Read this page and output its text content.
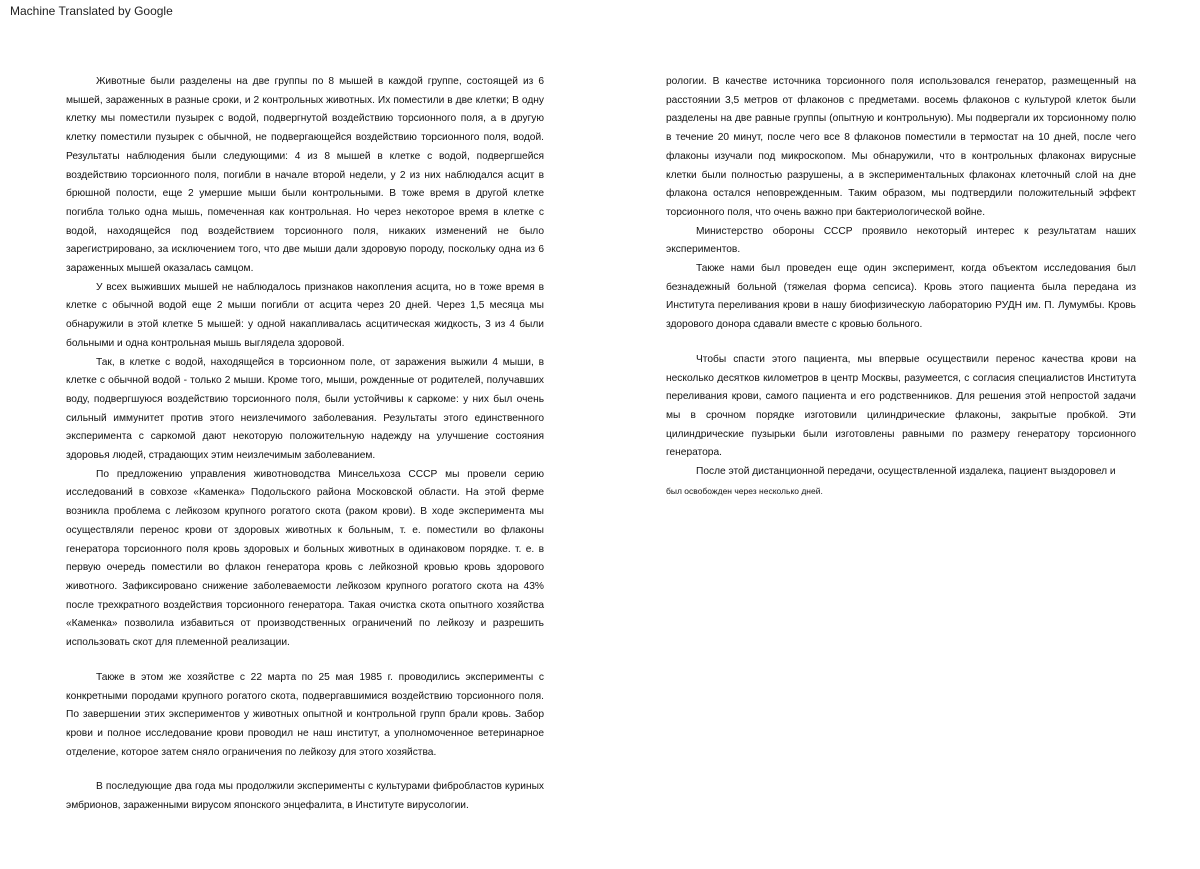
Machine Translated by Google

Животные были разделены на две группы по 8 мышей в каждой группе, состоящей из 6 мышей, зараженных в разные сроки, и 2 контрольных животных. Их поместили в две клетки; В одну клетку мы поместили пузырек с водой, подвергнутой воздействию торсионного поля, а в другую клетку поместили пузырек с обычной, не подвергающейся воздействию торсионного поля, водой. Результаты наблюдения были следующими: 4 из 8 мышей в клетке с водой, подвергшейся воздействию торсионного поля, погибли в начале второй недели, у 2 из них наблюдался асцит в брюшной полости, еще 2 умершие мыши были контрольными. В тоже время в другой клетке погибла только одна мышь, помеченная как контрольная. Но через некоторое время в клетке с водой, находящейся под воздействием торсионного поля, никаких изменений не было зарегистрировано, за исключением того, что две мыши дали здоровую породу, поскольку одна из 6 зараженных мышей оказалась самцом.

У всех выживших мышей не наблюдалось признаков накопления асцита, но в тоже время в клетке с обычной водой еще 2 мыши погибли от асцита через 20 дней. Через 1,5 месяца мы обнаружили в этой клетке 5 мышей: у одной накапливалась асцитическая жидкость, 3 из 4 были больными и одна контрольная мышь выглядела здоровой.

Так, в клетке с водой, находящейся в торсионном поле, от заражения выжили 4 мыши, в клетке с обычной водой - только 2 мыши. Кроме того, мыши, рожденные от родителей, получавших воду, подвергшуюся воздействию торсионного поля, были устойчивы к саркоме: у них был очень сильный иммунитет против этого неизлечимого заболевания. Результаты этого единственного эксперимента с саркомой дают некоторую положительную надежду на улучшение состояния здоровья людей, страдающих этим неизлечимым заболеванием.

По предложению управления животноводства Минсельхоза СССР мы провели серию исследований в совхозе «Каменка» Подольского района Московской области. На этой ферме возникла проблема с лейкозом крупного рогатого скота (раком крови). В ходе эксперимента мы осуществляли перенос крови от здоровых животных к больным, т. е. поместили во флаконы генератора торсионного поля кровь здоровых и больных животных в одинаковом порядке. т. е. в первую очередь поместили во флакон генератора кровь с лейкозной кровью кровь здорового животного. Зафиксировано снижение заболеваемости лейкозом крупного рогатого скота на 43% после трехкратного воздействия торсионного генератора. Такая очистка скота опытного хозяйства «Каменка» позволила избавиться от производственных ограничений по лейкозу и разрешить использовать скот для племенной реализации.

Также в этом же хозяйстве с 22 марта по 25 мая 1985 г. проводились эксперименты с конкретными породами крупного рогатого скота, подвергавшимися воздействию торсионного поля. По завершении этих экспериментов у животных опытной и контрольной групп брали кровь. Забор крови и полное исследование крови проводил не наш институт, а уполномоченное ветеринарное отделение, которое затем сняло ограничения по лейкозу для этого хозяйства.

В последующие два года мы продолжили эксперименты с культурами фибробластов куриных эмбрионов, зараженными вирусом японского энцефалита, в Институте вирусологии.

рологии. В качестве источника торсионного поля использовался генератор, размещенный на расстоянии 3,5 метров от флаконов с предметами. восемь флаконов с культурой клеток были разделены на две равные группы (опытную и контрольную). Мы подвергали их торсионному полю в течение 20 минут, после чего все 8 флаконов поместили в термостат на 10 дней, после чего флаконы изучали под микроскопом. Мы обнаружили, что в контрольных флаконах вирусные клетки были полностью разрушены, а в экспериментальных флаконах клеточный слой на дне флакона остался неповрежденным. Таким образом, мы подтвердили положительный эффект торсионного поля, что очень важно при бактериологической войне.

Министерство обороны СССР проявило некоторый интерес к результатам наших экспериментов.

Также нами был проведен еще один эксперимент, когда объектом исследования был безнадежный больной (тяжелая форма сепсиса). Кровь этого пациента была передана из Института переливания крови в нашу биофизическую лабораторию РУДН им. П. Лумумбы. Кровь здорового донора сдавали вместе с кровью больного.

Чтобы спасти этого пациента, мы впервые осуществили перенос качества крови на несколько десятков километров в центр Москвы, разумеется, с согласия специалистов Института переливания крови, самого пациента и его родственников. Для решения этой непростой задачи мы в срочном порядке изготовили цилиндрические флаконы, закрытые пробкой. Эти цилиндрические пузырьки были изготовлены равными по размеру генератору торсионного генератора.

После этой дистанционной передачи, осуществленной издалека, пациент выздоровел и

был освобожден через несколько дней.
